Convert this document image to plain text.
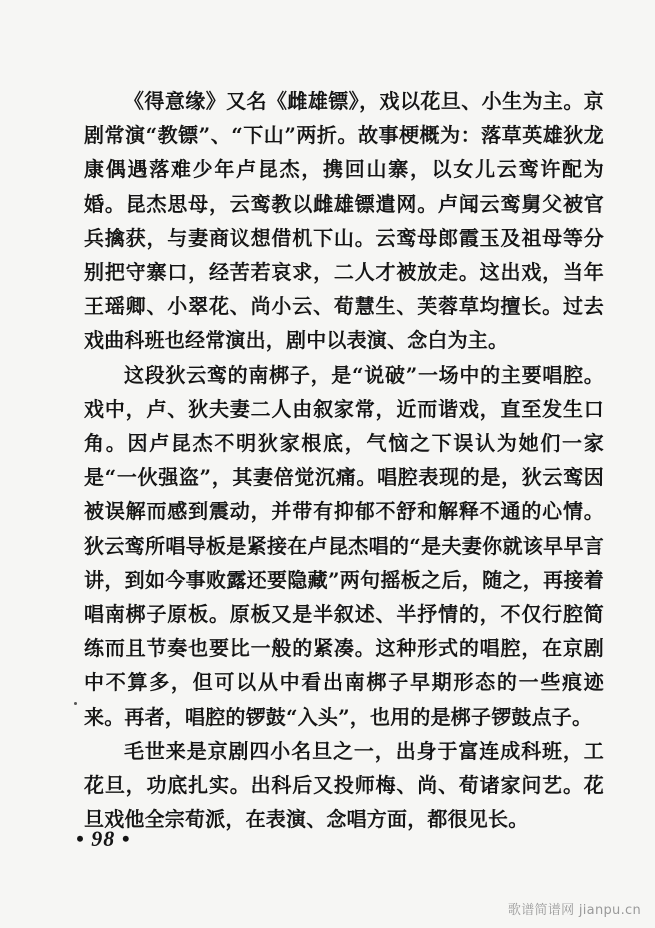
《得意缘》又名《雌雄镖》，戏以花旦、小生为主。京剧常演“教镖”、“下山”两折。故事梗概为：落草英雄狄龙康偶遇落难少年卢昆杰，携回山寨，以女儿云鸾许配为婚。昆杰思母，云鸾教以雌雄镖遣网。卢闻云鸾舅父被官兵擒获，与妻商议想借机下山。云鸾母郎霞玉及祖母等分别把守寨口，经苦若哀求，二人才被放走。这出戏，当年王瑶卿、小翠花、尚小云、荀慧生、芙蓉草均擅长。过去戏曲科班也经常演出，剧中以表演、念白为主。

这段狄云鸾的南梆子，是“说破”一场中的主要唱腔。戏中，卢、狄夫妻二人由叙家常，近而谐戏，直至发生口角。因卢昆杰不明狄家根底，气恼之下误认为她们一家是“一伙强盗”，其妻倍觉沉痛。唱腔表现的是，狄云鸾因被误解而感到震动，并带有抑郁不舒和解释不通的心情。狄云鸾所唱导板是紧接在卢昆杰唱的“是夫妻你就该早早言讲，到如今事败露还要隐藏”两句摇板之后，随之，再接着唱南梆子原板。原板又是半叙述、半抒情的，不仅行腔简练而且节奏也要比一般的紧凑。这种形式的唱腔，在京剧中不算多，但可以从中看出南梆子早期形态的一些痕迹来。再者，唱腔的锣鼓“入头”，也用的是梆子锣鼓点子。

毛世来是京剧四小名旦之一，出身于富连成科班，工花旦，功底扎实。出科后又投师梅、尚、荀诸家问艺。花旦戏他全宗荀派，在表演、念唱方面，都很见长。

• 98 •
歌谱简谱网 jianpu.cn
